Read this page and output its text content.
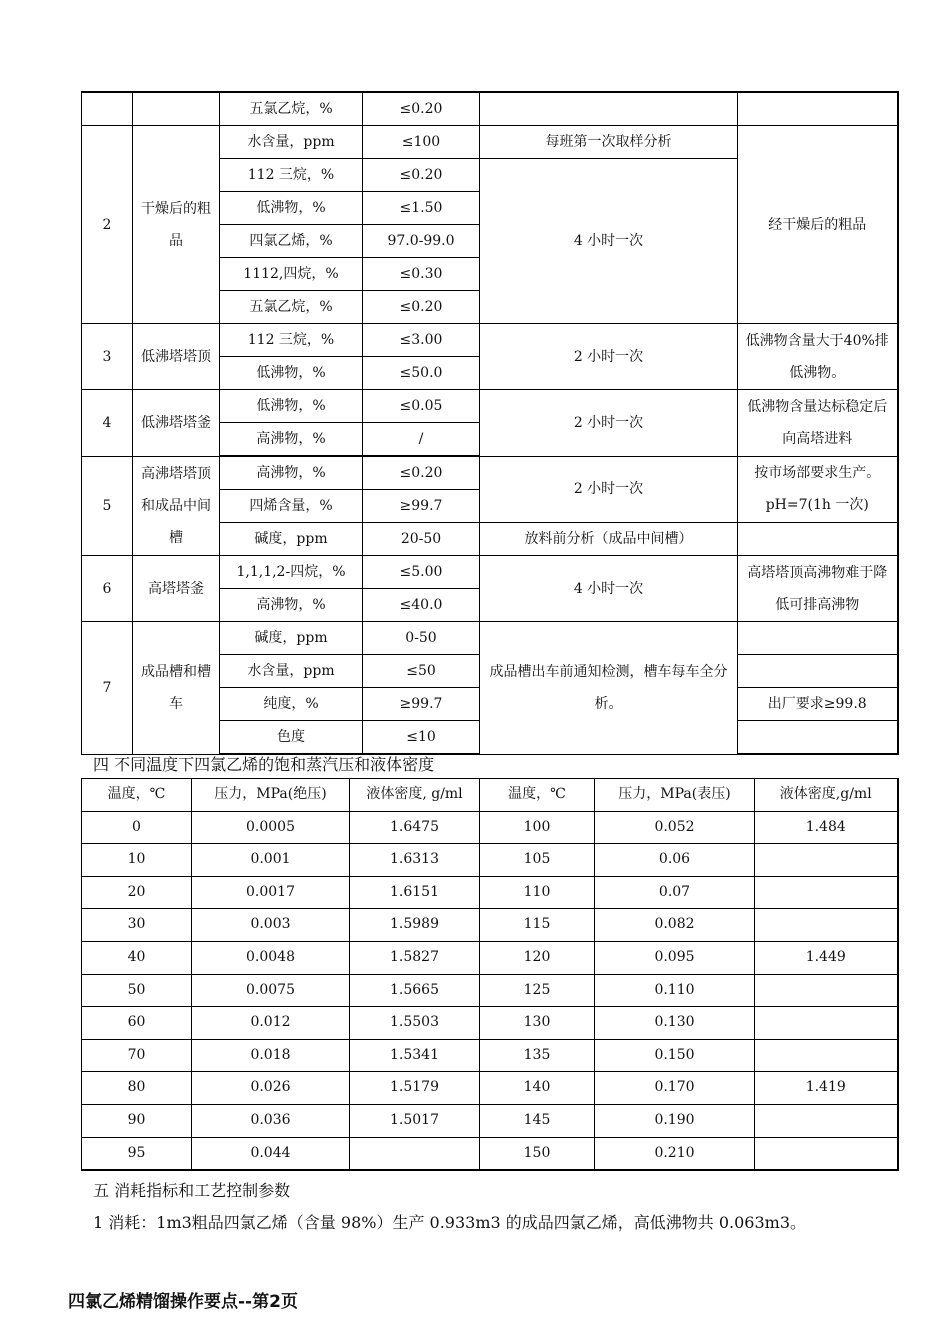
		五氯乙烷，%	≤0.20		
2	干燥后的粗品	水含量，ppm	≤100	每班第一次取样分析	经干燥后的粗品
		112 三烷，%	≤0.20	4 小时一次	
		低沸物，%	≤1.50		
		四氯乙烯，%	97.0-99.0		
		1112,四烷，%	≤0.30		
		五氯乙烷，%	≤0.20		
3	低沸塔塔顶	112 三烷，%	≤3.00	2 小时一次	低沸物含量大于40%排低沸物。
		低沸物，%	≤50.0		
4	低沸塔塔釜	低沸物，%	≤0.05	2 小时一次	低沸物含量达标稳定后向高塔进料
		高沸物，%	/		
5	高沸塔塔顶和成品中间槽	高沸物，%	≤0.20	2 小时一次	按市场部要求生产。pH=7(1h 一次)
		四烯含量，%	≥99.7		
		碱度，ppm	20-50	放料前分析（成品中间槽）	
6	高塔塔釜	1,1,1,2-四烷，%	≤5.00	4 小时一次	高塔塔顶高沸物难于降低可排高沸物
		高沸物，%	≤40.0		
7	成品槽和槽车	碱度，ppm	0-50	成品槽出车前通知检测，槽车每车全分析。	
		水含量，ppm	≤50		
		纯度，%	≥99.7		出厂要求≥99.8
		色度	≤10		
四 不同温度下四氯乙烯的饱和蒸汽压和液体密度
温度，℃	压力，MPa(绝压)	液体密度, g/ml	温度，℃	压力，MPa(表压)	液体密度,g/ml
0	0.0005	1.6475	100	0.052	1.484
10	0.001	1.6313	105	0.06	
20	0.0017	1.6151	110	0.07	
30	0.003	1.5989	115	0.082	
40	0.0048	1.5827	120	0.095	1.449
50	0.0075	1.5665	125	0.110	
60	0.012	1.5503	130	0.130	
70	0.018	1.5341	135	0.150	
80	0.026	1.5179	140	0.170	1.419
90	0.036	1.5017	145	0.190	
95	0.044		150	0.210	
五 消耗指标和工艺控制参数
1 消耗：1m3粗品四氯乙烯（含量 98%）生产 0.933m3 的成品四氯乙烯，高低沸物共 0.063m3。
四氯乙烯精馏操作要点--第2页
